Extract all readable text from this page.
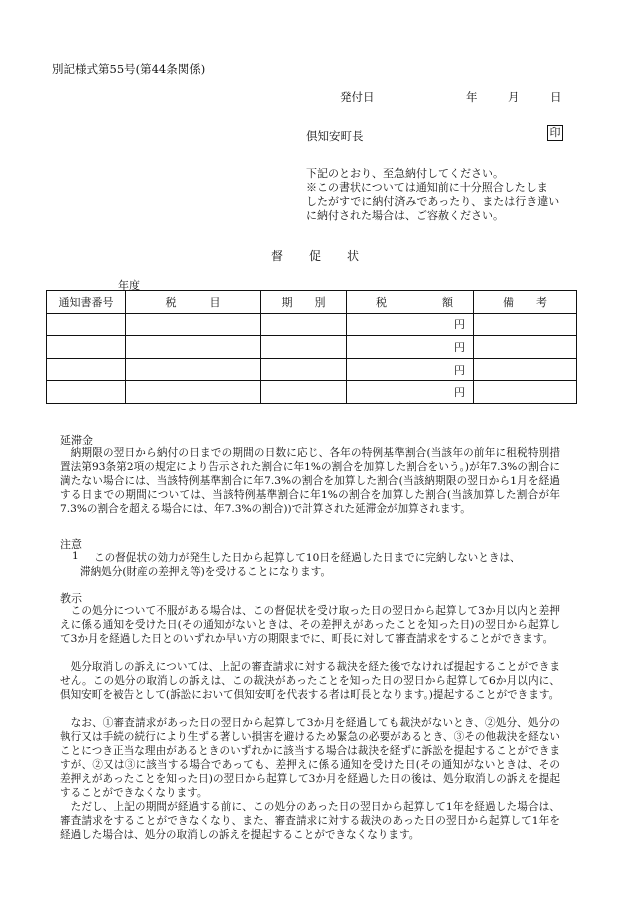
別記様式第55号(第44条関係)
発付日	年	月	日
倶知安町長	印
下記のとおり、至急納付してください。
※この書状については通知前に十分照合したしま
したがすでに納付済みであったり、または行き違い
に納付された場合は、ご容赦ください。
督促状
年度
通知書番号	税　　　目	期　　別	税　　　　　額	備　　考
			円	
			円	
			円	
			円	
延滞金
納期限の翌日から納付の日までの期間の日数に応じ、各年の特例基準割合(当該年の前年に租税特別措置法第93条第2項の規定により告示された割合に年1%の割合を加算した割合をいう。)が年7.3%の割合に満たない場合には、当該特例基準割合に年7.3%の割合を加算した割合(当該納期限の翌日から1月を経過する日までの期間については、当該特例基準割合に年1%の割合を加算した割合(当該加算した割合が年7.3%の割合を超える場合には、年7.3%の割合))で計算された延滞金が加算されます。
注意
1 この督促状の効力が発生した日から起算して10日を経過した日までに完納しないときは、
滞納処分(財産の差押え等)を受けることになります。
教示
この処分について不服がある場合は、この督促状を受け取った日の翌日から起算して3か月以内と差押えに係る通知を受けた日(その通知がないときは、その差押えがあったことを知った日)の翌日から起算して3か月を経過した日とのいずれか早い方の期限までに、町長に対して審査請求をすることができます。
処分取消しの訴えについては、上記の審査請求に対する裁決を経た後でなければ提起することができません。この処分の取消しの訴えは、この裁決があったことを知った日の翌日から起算して6か月以内に、倶知安町を被告として(訴訟において倶知安町を代表する者は町長となります。)提起することができます。
なお、①審査請求があった日の翌日から起算して3か月を経過しても裁決がないとき、②処分、処分の執行又は手続の続行により生ずる著しい損害を避けるため緊急の必要があるとき、③その他裁決を経ないことにつき正当な理由があるときのいずれかに該当する場合は裁決を経ずに訴訟を提起することができますが、②又は③に該当する場合であっても、差押えに係る通知を受けた日(その通知がないときは、その差押えがあったことを知った日)の翌日から起算して3か月を経過した日の後は、処分取消しの訴えを提起することができなくなります。
ただし、上記の期間が経過する前に、この処分のあった日の翌日から起算して1年を経過した場合は、審査請求をすることができなくなり、また、審査請求に対する裁決のあった日の翌日から起算して1年を経過した場合は、処分の取消しの訴えを提起することができなくなります。
